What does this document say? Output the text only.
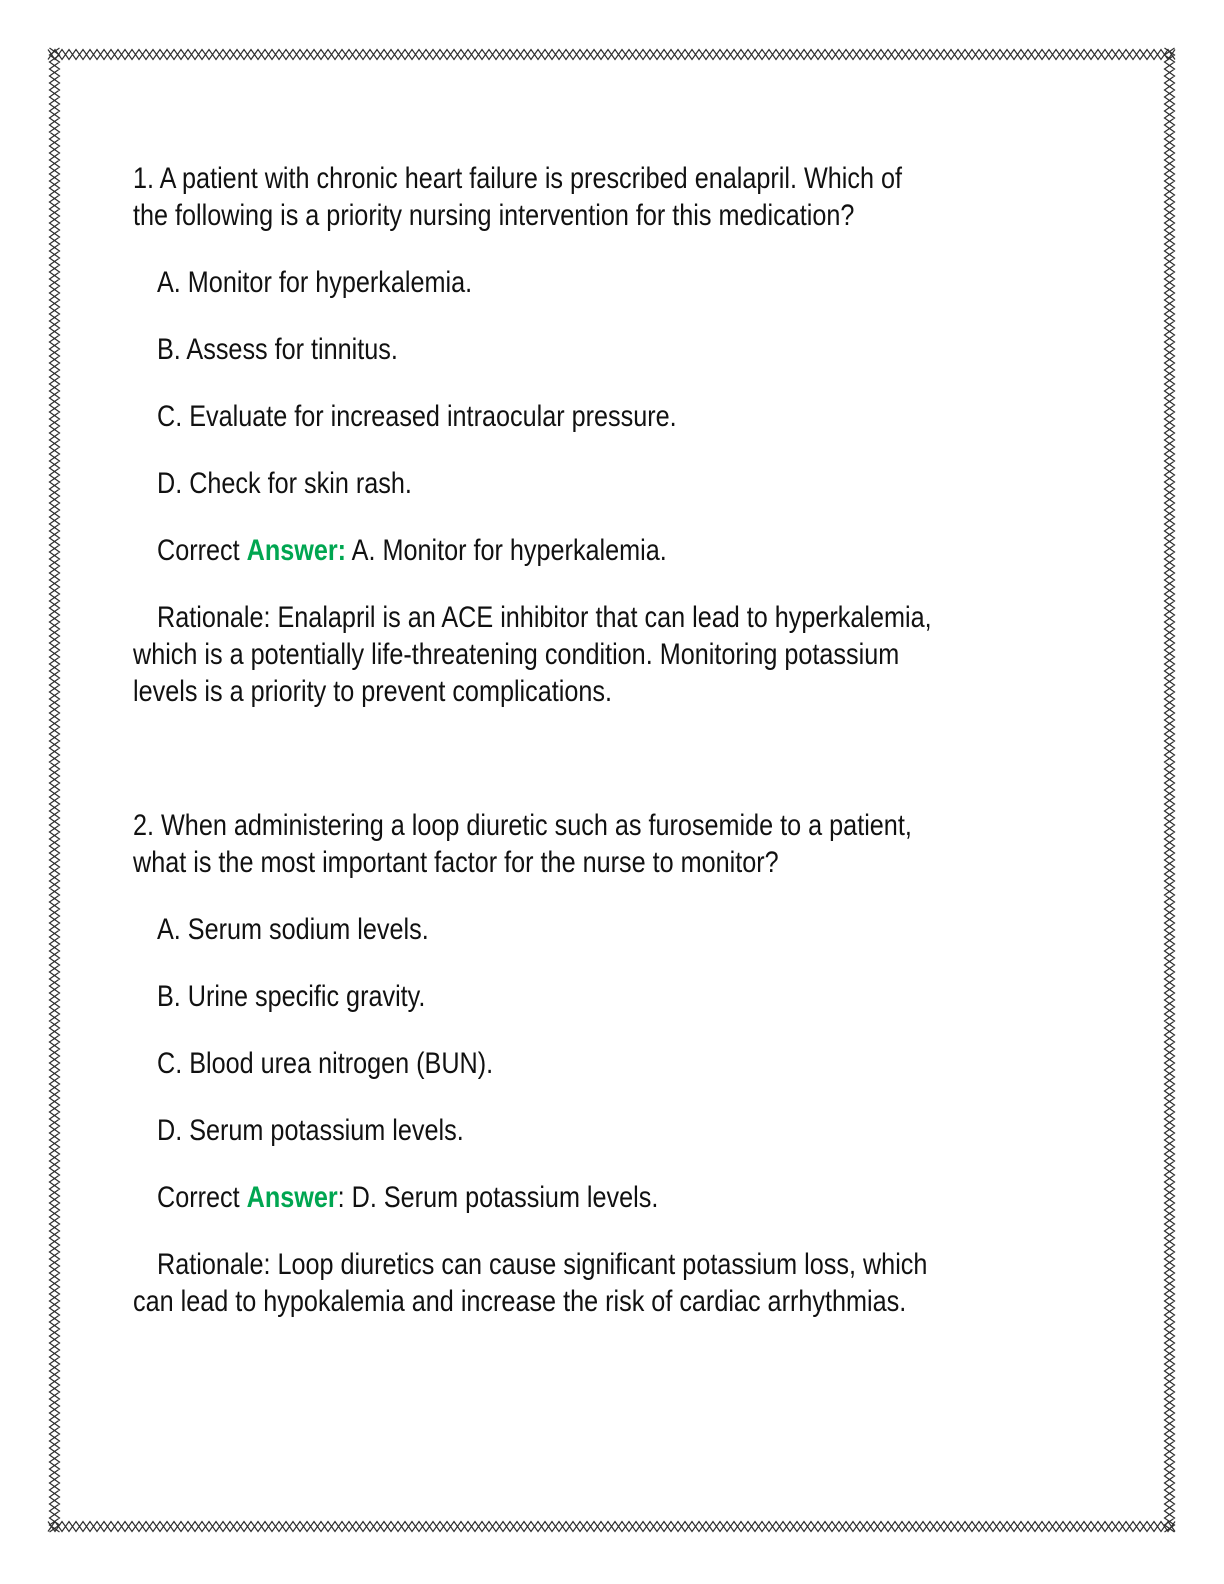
1. A patient with chronic heart failure is prescribed enalapril. Which of
the following is a priority nursing intervention for this medication?

A. Monitor for hyperkalemia.

B. Assess for tinnitus.

C. Evaluate for increased intraocular pressure.

D. Check for skin rash.

Correct Answer: A. Monitor for hyperkalemia.

Rationale: Enalapril is an ACE inhibitor that can lead to hyperkalemia,
which is a potentially life-threatening condition. Monitoring potassium
levels is a priority to prevent complications.

2. When administering a loop diuretic such as furosemide to a patient,
what is the most important factor for the nurse to monitor?

A. Serum sodium levels.

B. Urine specific gravity.

C. Blood urea nitrogen (BUN).

D. Serum potassium levels.

Correct Answer: D. Serum potassium levels.

Rationale: Loop diuretics can cause significant potassium loss, which
can lead to hypokalemia and increase the risk of cardiac arrhythmias.
